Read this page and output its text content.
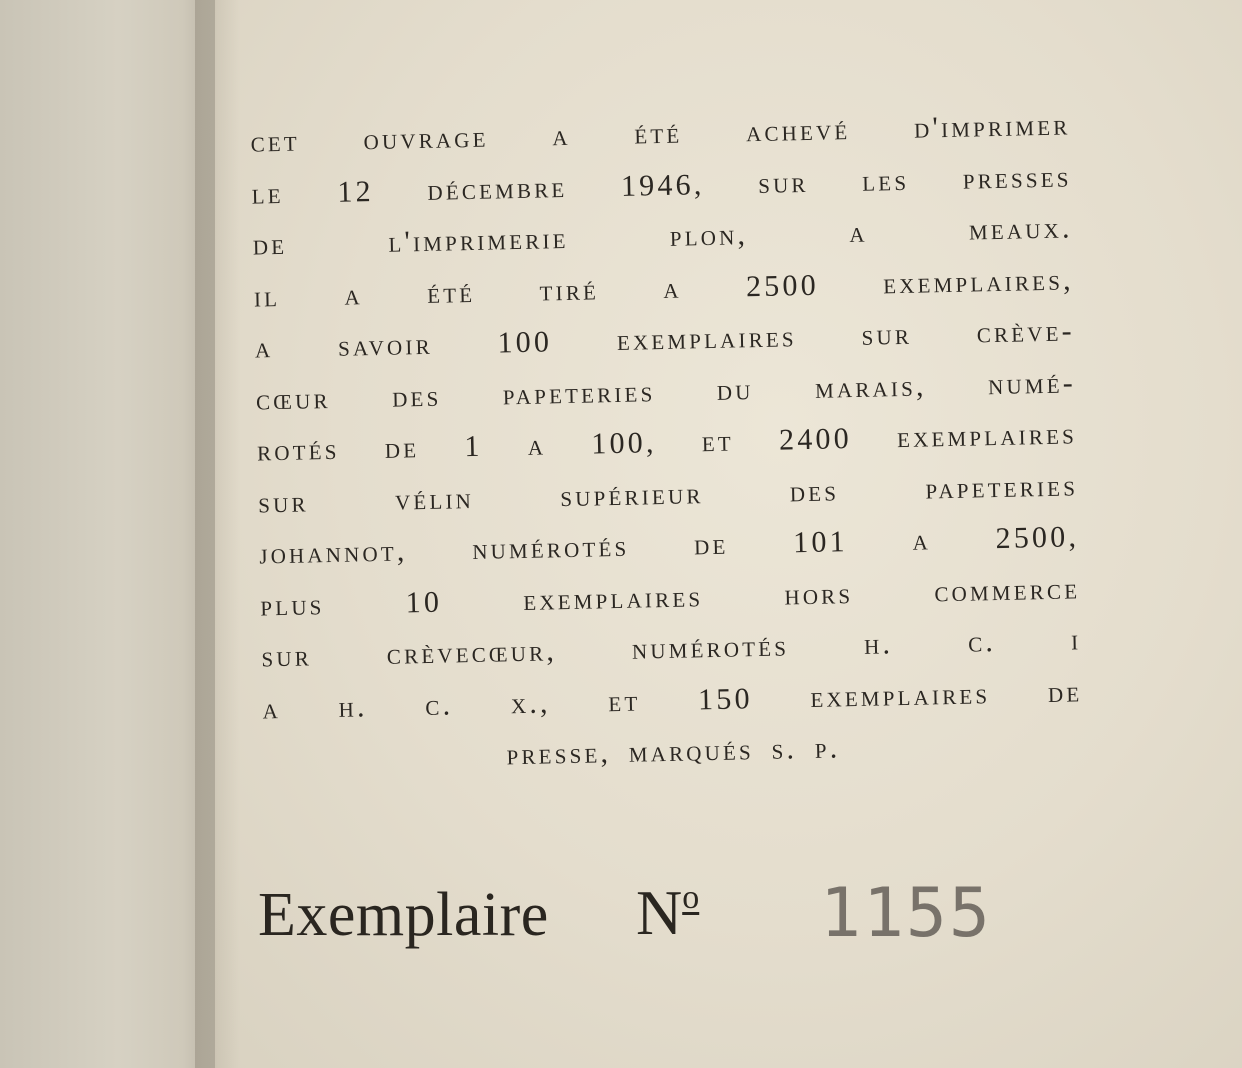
cet ouvrage a été achevé d'imprimer
le 12 décembre 1946, sur les presses
de l'imprimerie plon, a meaux.
il a été tiré a 2500 exemplaires,
a savoir 100 exemplaires sur crève-
cœur des papeteries du marais, numé-
rotés de 1 a 100, et 2400 exemplaires
sur vélin supérieur des papeteries
johannot, numérotés de 101 a 2500,
plus 10 exemplaires hors commerce
sur crèvecœur, numérotés h. c. i
a h. c. x., et 150 exemplaires de
presse, marqués s. p.
Exemplaire $N^o$ 1155
